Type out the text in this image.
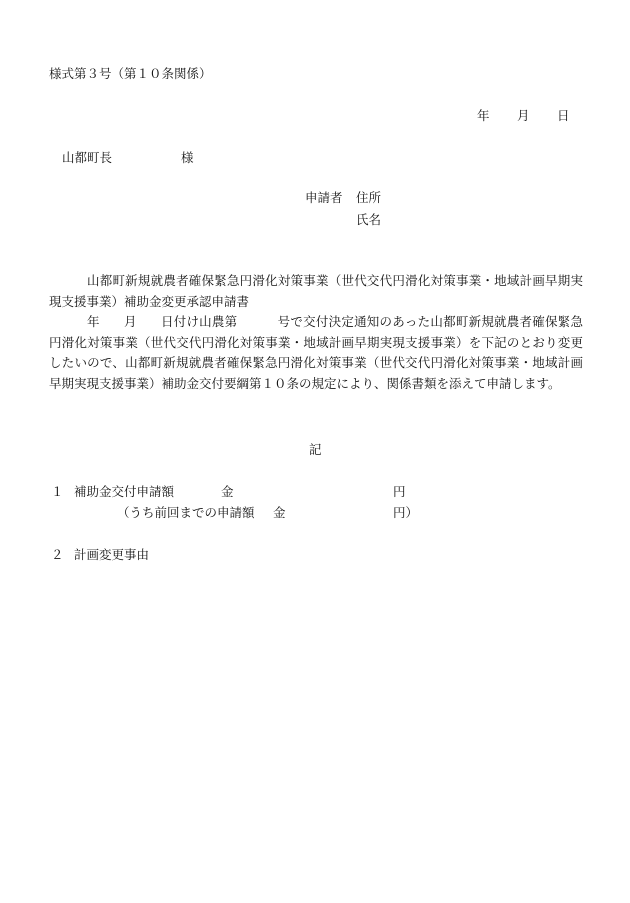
様式第３号（第１０条関係）
年 月 日
山都町長	様
申請者 住所
氏名
山都町新規就農者確保緊急円滑化対策事業（世代交代円滑化対策事業・地域計画早期実現支援事業）補助金変更承認申請書
年 月 日付け山農第	号で交付決定通知のあった山都町新規就農者確保緊急円滑化対策事業（世代交代円滑化対策事業・地域計画早期実現支援事業）を下記のとおり変更したいので、山都町新規就農者確保緊急円滑化対策事業（世代交代円滑化対策事業・地域計画早期実現支援事業）補助金交付要綱第１０条の規定により、関係書類を添えて申請します。
記
１ 補助金交付申請額	金	円
（うち前回までの申請額 金	円）
２ 計画変更事由
